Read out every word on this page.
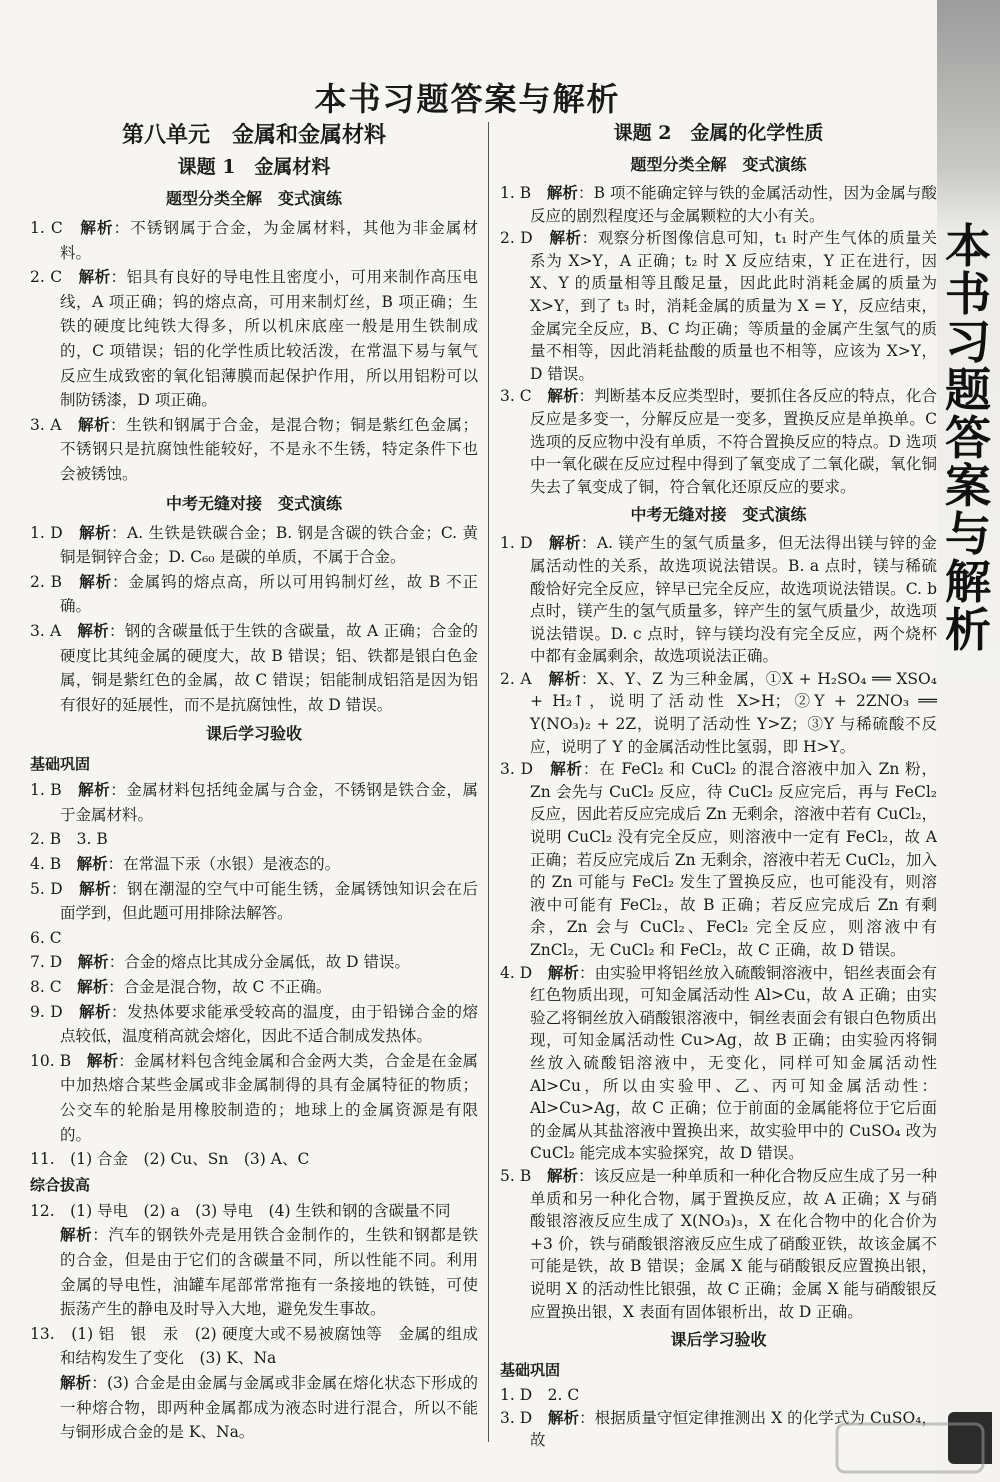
本书习题答案与解析
第八单元　金属和金属材料
课题 1　金属材料
题型分类全解　变式演练

1. C　 解析：不锈钢属于合金，为金属材料，其他为非金属材料。

2. C　 解析：铝具有良好的导电性且密度小，可用来制作高压电线，A 项正确；钨的熔点高，可用来制灯丝，B 项正确；生铁的硬度比纯铁大得多，所以机床底座一般是用生铁制成的，C 项错误；铝的化学性质比较活泼，在常温下易与氧气反应生成致密的氧化铝薄膜而起保护作用，所以用铝粉可以制防锈漆，D 项正确。

3. A　 解析：生铁和钢属于合金，是混合物；铜是紫红色金属；不锈钢只是抗腐蚀性能较好，不是永不生锈，特定条件下也会被锈蚀。

中考无缝对接　变式演练

1. D　 解析：A. 生铁是铁碳合金；B. 钢是含碳的铁合金；C. 黄铜是铜锌合金；D. C₆₀ 是碳的单质，不属于合金。

2. B　 解析：金属钨的熔点高，所以可用钨制灯丝，故 B 不正确。

3. A　 解析：钢的含碳量低于生铁的含碳量，故 A 正确；合金的硬度比其纯金属的硬度大，故 B 错误；铝、铁都是银白色金属，铜是紫红色的金属，故 C 错误；铝能制成铝箔是因为铝有很好的延展性，而不是抗腐蚀性，故 D 错误。

课后学习验收
基础巩固

1. B　 解析：金属材料包括纯金属与合金，不锈钢是铁合金，属于金属材料。

2. B　3. B　

4. B　 解析：在常温下汞（水银）是液态的。

5. D　 解析：钢在潮湿的空气中可能生锈，金属锈蚀知识会在后面学到，但此题可用排除法解答。

6. C　

7. D　 解析：合金的熔点比其成分金属低，故 D 错误。

8. C　 解析：合金是混合物，故 C 不正确。

9. D　 解析：发热体要求能承受较高的温度，由于铅锑合金的熔点较低，温度稍高就会熔化，因此不适合制成发热体。

10. B　 解析：金属材料包含纯金属和合金两大类，合金是在金属中加热熔合某些金属或非金属制得的具有金属特征的物质；公交车的轮胎是用橡胶制造的；地球上的金属资源是有限的。

11.　 (1) 合金　(2) Cu、Sn　(3) A、C

综合拔高

12.　 (1) 导电　(2) a　(3) 导电　(4) 生铁和钢的含碳量不同

解析：汽车的钢铁外壳是用铁合金制作的，生铁和钢都是铁的合金，但是由于它们的含碳量不同，所以性能不同。利用金属的导电性，油罐车尾部常常拖有一条接地的铁链，可使振荡产生的静电及时导入大地，避免发生事故。

13.　 (1) 铝　银　汞　(2) 硬度大或不易被腐蚀等　金属的组成和结构发生了变化　(3) K、Na

解析：(3) 合金是由金属与金属或非金属在熔化状态下形成的一种熔合物，即两种金属都成为液态时进行混合，所以不能与铜形成合金的是 K、Na。

课题 2　金属的化学性质
题型分类全解　变式演练

1. B　 解析：B 项不能确定锌与铁的金属活动性，因为金属与酸反应的剧烈程度还与金属颗粒的大小有关。

2. D　 解析：观察分析图像信息可知，t₁ 时产生气体的质量关系为 X>Y，A 正确；t₂ 时 X 反应结束，Y 正在进行，因 X、Y 的质量相等且酸足量，因此此时消耗金属的质量为 X>Y，到了 t₃ 时，消耗金属的质量为 X = Y，反应结束，金属完全反应，B、C 均正确；等质量的金属产生氢气的质量不相等，因此消耗盐酸的质量也不相等，应该为 X>Y，D 错误。

3. C　 解析：判断基本反应类型时，要抓住各反应的特点，化合反应是多变一，分解反应是一变多，置换反应是单换单。C 选项的反应物中没有单质，不符合置换反应的特点。D 选项中一氧化碳在反应过程中得到了氧变成了二氧化碳，氧化铜失去了氧变成了铜，符合氧化还原反应的要求。

中考无缝对接　变式演练

1. D　 解析：A. 镁产生的氢气质量多，但无法得出镁与锌的金属活动性的关系，故选项说法错误。B. a 点时，镁与稀硫酸恰好完全反应，锌早已完全反应，故选项说法错误。C. b 点时，镁产生的氢气质量多，锌产生的氢气质量少，故选项说法错误。D. c 点时，锌与镁均没有完全反应，两个烧杯中都有金属剩余，故选项说法正确。

2. A　 解析：X、Y、Z 为三种金属，①X + H₂SO₄ ══ XSO₄ + H₂↑，说明了活动性 X>H；②Y + 2ZNO₃ ══ Y(NO₃)₂ + 2Z，说明了活动性 Y>Z；③Y 与稀硫酸不反应，说明了 Y 的金属活动性比氢弱，即 H>Y。

3. D　 解析：在 FeCl₂ 和 CuCl₂ 的混合溶液中加入 Zn 粉，Zn 会先与 CuCl₂ 反应，待 CuCl₂ 反应完后，再与 FeCl₂ 反应，因此若反应完成后 Zn 无剩余，溶液中若有 CuCl₂，说明 CuCl₂ 没有完全反应，则溶液中一定有 FeCl₂，故 A 正确；若反应完成后 Zn 无剩余，溶液中若无 CuCl₂，加入的 Zn 可能与 FeCl₂ 发生了置换反应，也可能没有，则溶液中可能有 FeCl₂，故 B 正确；若反应完成后 Zn 有剩余，Zn 会与 CuCl₂、FeCl₂ 完全反应，则溶液中有 ZnCl₂，无 CuCl₂ 和 FeCl₂，故 C 正确，故 D 错误。

4. D　 解析：由实验甲将铝丝放入硫酸铜溶液中，铝丝表面会有红色物质出现，可知金属活动性 Al>Cu，故 A 正确；由实验乙将铜丝放入硝酸银溶液中，铜丝表面会有银白色物质出现，可知金属活动性 Cu>Ag，故 B 正确；由实验丙将铜丝放入硫酸铝溶液中，无变化，同样可知金属活动性 Al>Cu，所以由实验甲、乙、丙可知金属活动性：Al>Cu>Ag，故 C 正确；位于前面的金属能将位于它后面的金属从其盐溶液中置换出来，故实验甲中的 CuSO₄ 改为 CuCl₂ 能完成本实验探究，故 D 错误。

5. B　 解析：该反应是一种单质和一种化合物反应生成了另一种单质和另一种化合物，属于置换反应，故 A 正确；X 与硝酸银溶液反应生成了 X(NO₃)₃，X 在化合物中的化合价为 +3 价，铁与硝酸银溶液反应生成了硝酸亚铁，故该金属不可能是铁，故 B 错误；金属 X 能与硝酸银反应置换出银，说明 X 的活动性比银强，故 C 正确；金属 X 能与硝酸银反应置换出银，X 表面有固体银析出，故 D 正确。

课后学习验收
基础巩固

1. D　2. C　

3. D　 解析：根据质量守恒定律推测出 X 的化学式为 CuSO₄，故

本
书
习
题
答
案
与
解
析
